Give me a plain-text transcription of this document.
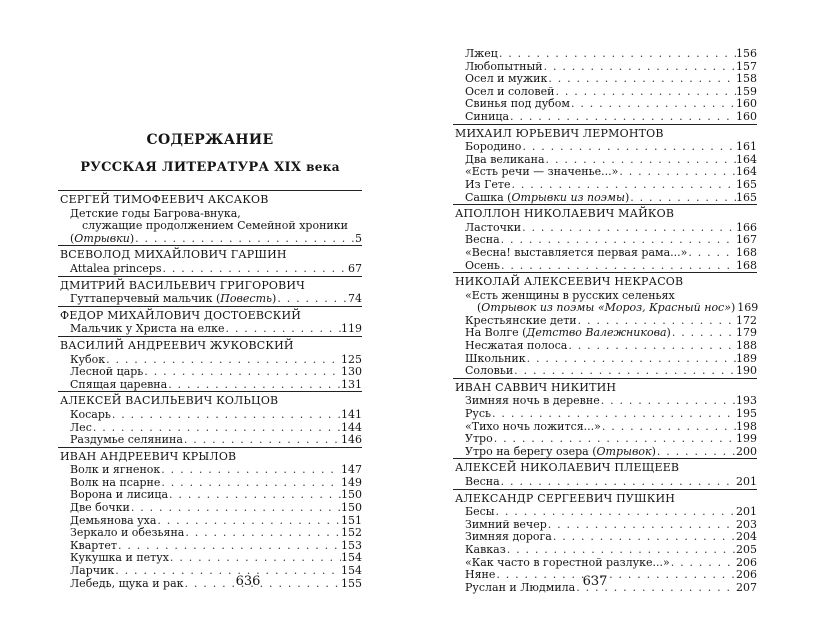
СОДЕРЖАНИЕ
РУССКАЯ ЛИТЕРАТУРА XIX века
СЕРГЕЙ ТИМОФЕЕВИЧ АКСАКОВ
Детские годы Багрова-внука,
служащие продолжением Семейной хроники
(Отрывки) . . .	5
ВСЕВОЛОД МИХАЙЛОВИЧ ГАРШИН
Attalea princeps . . .	67
ДМИТРИЙ ВАСИЛЬЕВИЧ ГРИГОРОВИЧ
Гуттаперчевый мальчик (Повесть) . . .	74
ФЕДОР МИХАЙЛОВИЧ ДОСТОЕВСКИЙ
Мальчик у Христа на елке . . .	119
ВАСИЛИЙ АНДРЕЕВИЧ ЖУКОВСКИЙ
Кубок . . .	125
Лесной царь . . .	130
Спящая царевна . . .	131
АЛЕКСЕЙ ВАСИЛЬЕВИЧ КОЛЬЦОВ
Косарь . . .	141
Лес . . .	144
Раздумье селянина . . .	146
ИВАН АНДРЕЕВИЧ КРЫЛОВ
Волк и ягненок . . .	147
Волк на псарне . . .	149
Ворона и лисица . . .	150
Две бочки . . .	150
Демьянова уха . . .	151
Зеркало и обезьяна . . .	152
Квартет . . .	153
Кукушка и петух . . .	154
Ларчик . . .	154
Лебедь, щука и рак . . .	155
636
Лжец . . .	156
Любопытный . . .	157
Осел и мужик . . .	158
Осел и соловей . . .	159
Свинья под дубом . . .	160
Синица . . .	160
МИХАИЛ ЮРЬЕВИЧ ЛЕРМОНТОВ
Бородино . . .	161
Два великана . . .	164
«Есть речи — значенье...» . . .	164
Из Гете . . .	165
Сашка (Отрывки из поэмы) . . .	165
АПОЛЛОН НИКОЛАЕВИЧ МАЙКОВ
Ласточки . . .	166
Весна . . .	167
«Весна! выставляется первая рама...» . . .	168
Осень . . .	168
НИКОЛАЙ АЛЕКСЕЕВИЧ НЕКРАСОВ
«Есть женщины в русских селеньях
(Отрывок из поэмы «Мороз, Красный нос») 169
Крестьянские дети . . .	172
На Волге (Детство Валежникова) . . .	179
Несжатая полоса . . .	188
Школьник . . .	189
Соловьи . . .	190
ИВАН САВВИЧ НИКИТИН
Зимняя ночь в деревне . . .	193
Русь . . .	195
«Тихо ночь ложится...» . . .	198
Утро . . .	199
Утро на берегу озера (Отрывок) . . .	200
АЛЕКСЕЙ НИКОЛАЕВИЧ ПЛЕЩЕЕВ
Весна . . .	201
АЛЕКСАНДР СЕРГЕЕВИЧ ПУШКИН
Бесы . . .	201
Зимний вечер . . .	203
Зимняя дорога . . .	204
Кавказ . . .	205
«Как часто в горестной разлуке...» . . .	206
Няне . . .	206
Руслан и Людмила . . .	207
637
